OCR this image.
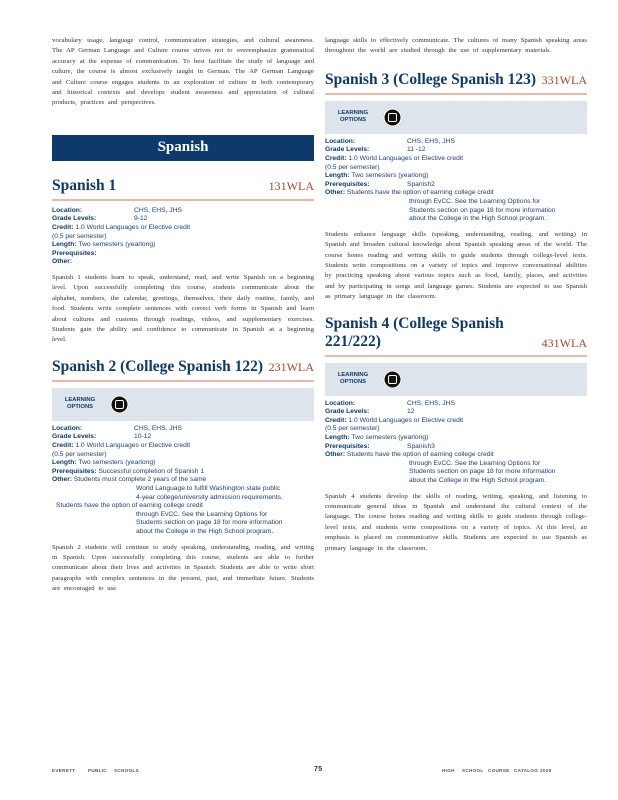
vocabulary usage, language control, communication strategies, and cultural awareness. The AP German Language and Culture course strives not to overemphasize grammatical accuracy at the expense of communication. To best facilitate the study of language and culture, the course is almost exclusively taught in German. The AP German Language and Culture course engages students in an exploration of culture in both contemporary and historical contexts and develops student awareness and appreciation of cultural products, practices and perspectives.

Spanish
Spanish 1	131WLA
Location:	CHS, EHS, JHS
Grade Levels:	9-12
Credit:
1.0 World Languages or Elective credit
(0.5 per semester)
Length:
Two semesters (yearlong)
Prerequisites:

Other:

Spanish 1 students learn to speak, understand, read, and write Spanish on a beginning level. Upon successfully completing this course, students communicate about the alphabet, numbers, the calendar, greetings, themselves, their daily routine, family, and food. Students write complete sentences with correct verb forms in Spanish and learn about cultures and customs through readings, videos, and supplementary exercises. Students gain the ability and confidence to communicate in Spanish at a beginning level.

Spanish 2 (College Spanish 122) 231WLA
LEARNING
OPTIONS
Location:	CHS, EHS, JHS
Grade Levels:	10-12
Credit:
1.0 World Languages or Elective credit
(0.5 per semester)
Length:
Two semesters (yearlong)
Prerequisites:
Successful completion of Spanish 1
Other:
Students must complete 2 years of the same
World Language to fulfill Washington state public
4-year college/university admission requirements.
Students have the option of earning college credit
through EvCC. See the Learning Options for
Students section on page 18 for more information
about the College in the High School program.

Spanish 2 students will continue to study speaking, understanding, reading, and writing in Spanish. Upon successfully completing this course, students are able to further communicate about their lives and activities in Spanish. Students are able to write short paragraphs with complex sentences in the present, past, and immediate future. Students are encouraged to use

language skills to effectively communicate. The cultures of many Spanish speaking areas throughout the world are studied through the use of supplementary materials.

Spanish 3 (College Spanish 123) 331WLA
LEARNING
OPTIONS
Location:	CHS, EHS, JHS
Grade Levels:	11 -12
Credit:
1.0 World Languages or Elective credit
(0.5 per semester)
Length:
Two semesters (yearlong)
Prerequisites:	Spanish2
Other:
Students have the option of earning college credit
through EvCC. See the Learning Options for
Students section on page 18 for more information
about the College in the High School program.

Students enhance language skills (speaking, understanding, reading, and writing) in Spanish and broaden cultural knowledge about Spanish speaking areas of the world. The course hones reading and writing skills to guide students through college-level texts. Students write compositions on a variety of topics and improve conversational abilities by practicing speaking about various topics such as food, family, places, and activities and by participating in songs and language games. Students are expected to use Spanish as primary language in the classroom.

Spanish 4 (College Spanish 221/222)	431WLA
LEARNING
OPTIONS
Location:	CHS, EHS, JHS
Grade Levels:	12
Credit:
1.0 World Languages or Elective credit
(0.5 per semester)
Length:
Two semesters (yearlong)
Prerequisites:	Spanish3
Other:
Students have the option of earning college credit
through EvCC. See the Learning Options for
Students section on page 18 for more information
about the College in the High School program.

Spanish 4 students develop the skills of reading, writing, speaking, and listening to communicate general ideas in Spanish and understand the cultural context of the language. The course hones reading and writing skills to guide students through college-level texts, and students write compositions on a variety of topics. At this level, an emphasis is placed on communicative skills. Students are expected to use Spanish as primary language in the classroom.

EVERETT	PUBLIC SCHOOLS	75	HIGH SCHOOL COURSE CATALOG 2020
